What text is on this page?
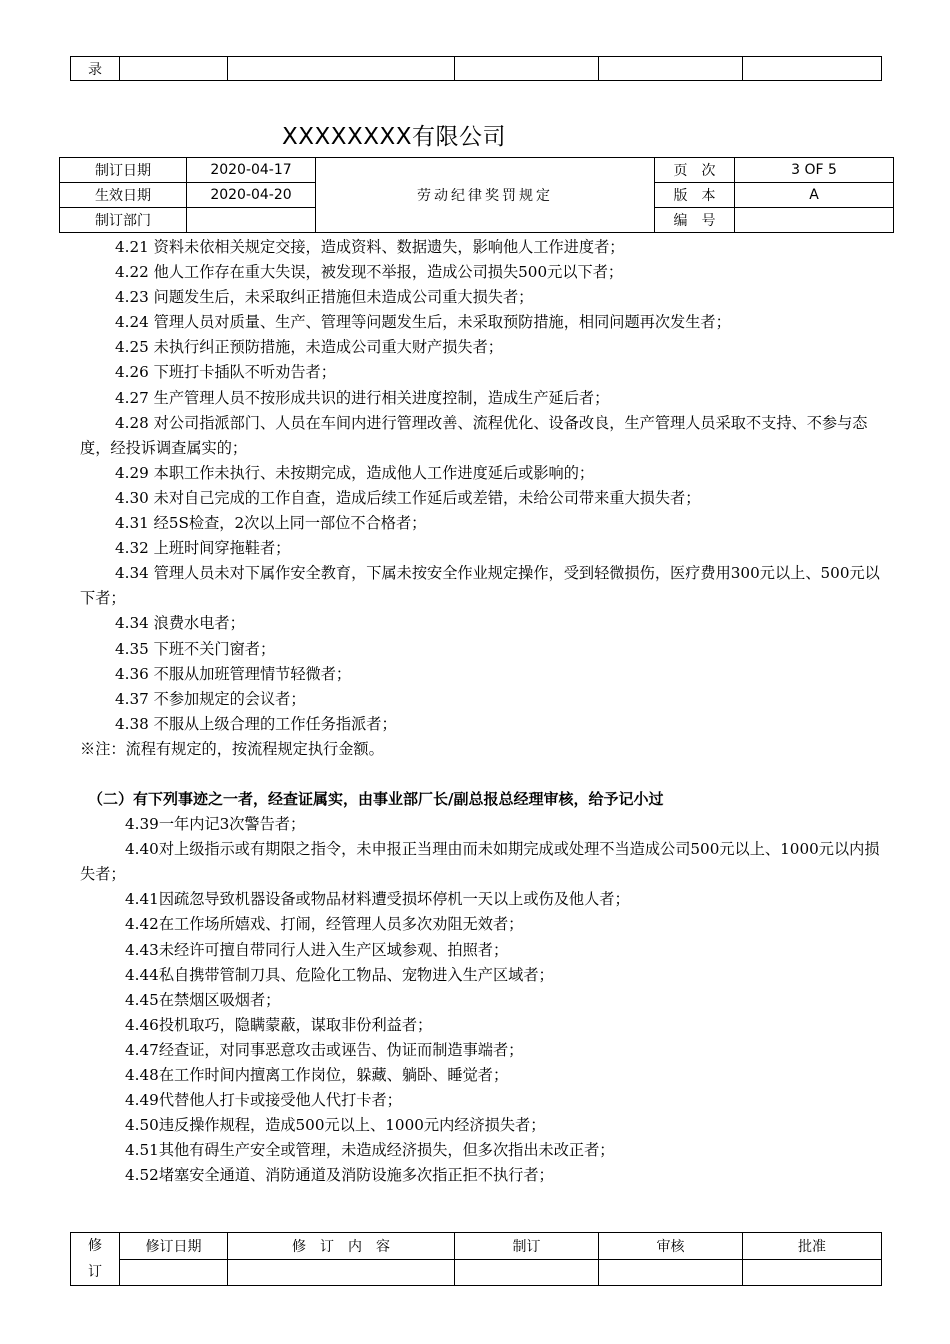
录					
XXXXXXXX有限公司
制订日期	2020-04-17	劳动纪律奖罚规定	页　次	3 OF 5
生效日期	2020-04-20		版　本	A
制订部门			编　号	
4.21 资料未依相关规定交接，造成资料、数据遗失，影响他人工作进度者；
4.22 他人工作存在重大失误，被发现不举报，造成公司损失500元以下者；
4.23 问题发生后，未采取纠正措施但未造成公司重大损失者；
4.24 管理人员对质量、生产、管理等问题发生后，未采取预防措施，相同问题再次发生者；
4.25 未执行纠正预防措施，未造成公司重大财产损失者；
4.26 下班打卡插队不听劝告者；
4.27 生产管理人员不按形成共识的进行相关进度控制，造成生产延后者；
4.28 对公司指派部门、人员在车间内进行管理改善、流程优化、设备改良，生产管理人员采取不支持、不参与态度，经投诉调查属实的；
4.29 本职工作未执行、未按期完成，造成他人工作进度延后或影响的；
4.30 未对自己完成的工作自查，造成后续工作延后或差错，未给公司带来重大损失者；
4.31 经5S检查，2次以上同一部位不合格者；
4.32 上班时间穿拖鞋者；
4.34 管理人员未对下属作安全教育，下属未按安全作业规定操作，受到轻微损伤，医疗费用300元以上、500元以下者；
4.34 浪费水电者；
4.35 下班不关门窗者；
4.36 不服从加班管理情节轻微者；
4.37 不参加规定的会议者；
4.38 不服从上级合理的工作任务指派者；
※注：流程有规定的，按流程规定执行金额。
（二）有下列事迹之一者，经查证属实，由事业部厂长/副总报总经理审核，给予记小过
4.39一年内记3次警告者；
4.40对上级指示或有期限之指令，未申报正当理由而未如期完成或处理不当造成公司500元以上、1000元以内损失者；
4.41因疏忽导致机器设备或物品材料遭受损坏停机一天以上或伤及他人者；
4.42在工作场所嬉戏、打闹，经管理人员多次劝阻无效者；
4.43未经许可擅自带同行人进入生产区域参观、拍照者；
4.44私自携带管制刀具、危险化工物品、宠物进入生产区域者；
4.45在禁烟区吸烟者；
4.46投机取巧，隐瞒蒙蔽，谋取非份利益者；
4.47经查证，对同事恶意攻击或诬告、伪证而制造事端者；
4.48在工作时间内擅离工作岗位，躲藏、躺卧、睡觉者；
4.49代替他人打卡或接受他人代打卡者；
4.50违反操作规程，造成500元以上、1000元内经济损失者；
4.51其他有碍生产安全或管理，未造成经济损失，但多次指出未改正者；
4.52堵塞安全通道、消防通道及消防设施多次指正拒不执行者；
修
订	修订日期	修　订　内　容	制订	审核	批准
